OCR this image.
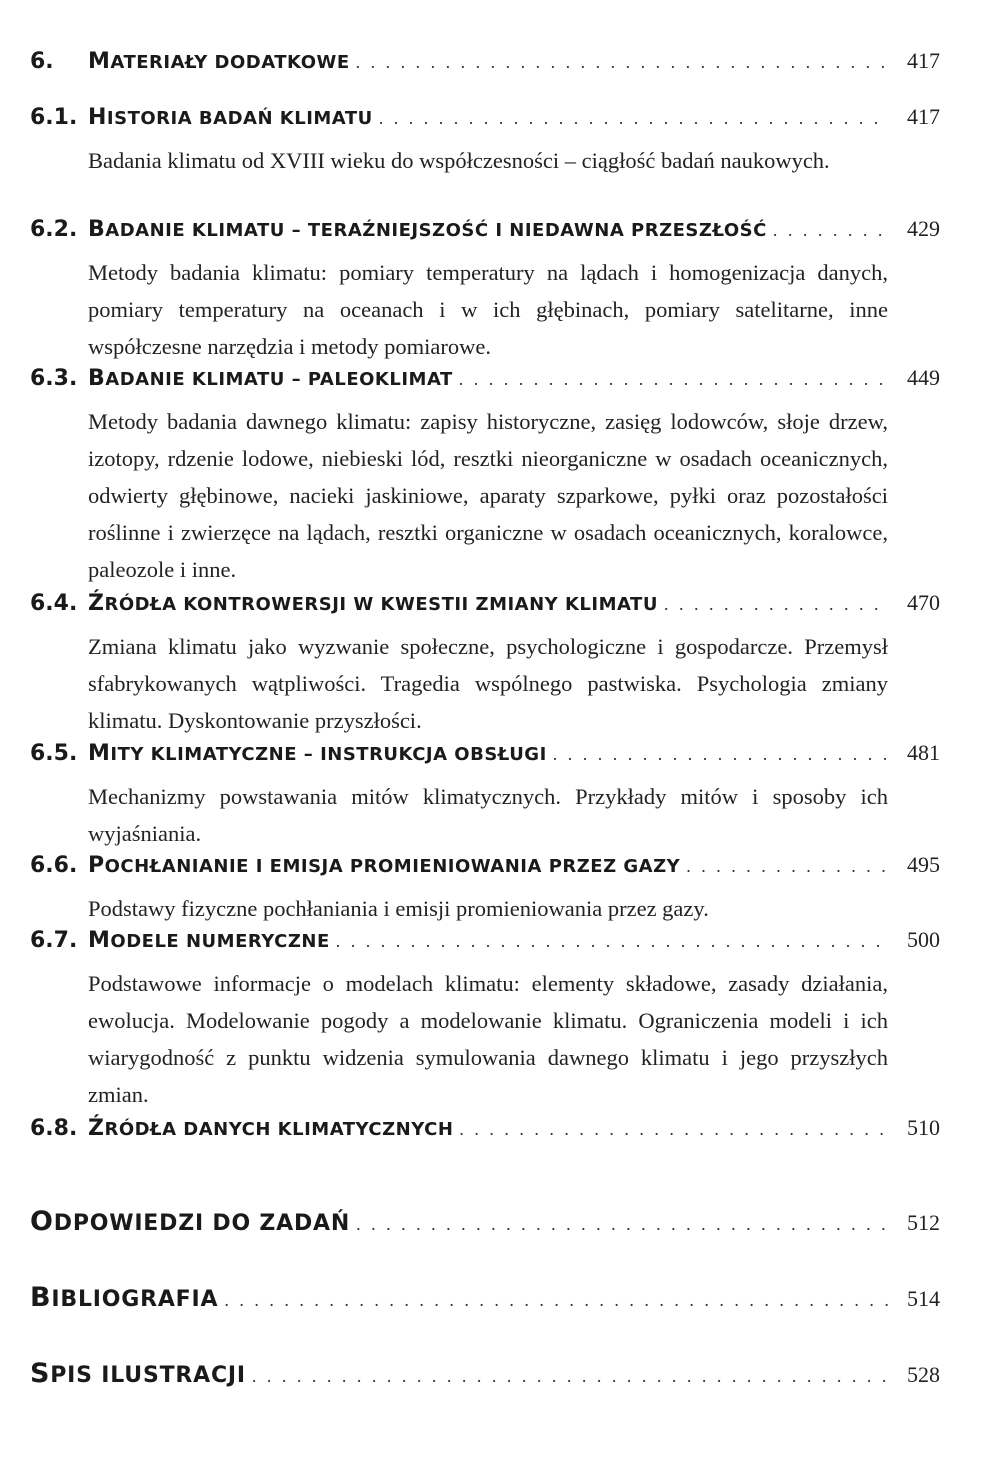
6.	MATERIAŁY DODATKOWE . . .	417
6.1. HISTORIA BADAŃ KLIMATU . . .	417
Badania klimatu od XVIII wieku do współczesności – ciągłość badań naukowych.
6.2. BADANIE KLIMATU – TERAŹNIEJSZOŚĆ I NIEDAWNA PRZESZŁOŚĆ . . .	429
Metody badania klimatu: pomiary temperatury na lądach i homogenizacja danych, pomiary temperatury na oceanach i w ich głębinach, pomiary satelitarne, inne współczesne narzędzia i metody pomiarowe.
6.3. BADANIE KLIMATU – PALEOKLIMAT . . .	449
Metody badania dawnego klimatu: zapisy historyczne, zasięg lodowców, słoje drzew, izotopy, rdzenie lodowe, niebieski lód, resztki nieorganiczne w osadach oceanicznych, odwierty głębinowe, nacieki jaskiniowe, aparaty szparkowe, pyłki oraz pozostałości roślinne i zwierzęce na lądach, resztki organiczne w osadach oceanicznych, koralowce, paleozole i inne.
6.4. ŹRÓDŁA KONTROWERSJI W KWESTII ZMIANY KLIMATU . . .	470
Zmiana klimatu jako wyzwanie społeczne, psychologiczne i gospodarcze. Przemysł sfabrykowanych wątpliwości. Tragedia wspólnego pastwiska. Psychologia zmiany klimatu. Dyskontowanie przyszłości.
6.5. MITY KLIMATYCZNE – INSTRUKCJA OBSŁUGI . . .	481
Mechanizmy powstawania mitów klimatycznych. Przykłady mitów i sposoby ich wyjaśniania.
6.6. POCHŁANIANIE I EMISJA PROMIENIOWANIA PRZEZ GAZY . . .	495
Podstawy fizyczne pochłaniania i emisji promieniowania przez gazy.
6.7. MODELE NUMERYCZNE . . .	500
Podstawowe informacje o modelach klimatu: elementy składowe, zasady działania, ewolucja. Modelowanie pogody a modelowanie klimatu. Ograniczenia modeli i ich wiarygodność z punktu widzenia symulowania dawnego klimatu i jego przyszłych zmian.
6.8. ŹRÓDŁA DANYCH KLIMATYCZNYCH . . .	510
ODPOWIEDZI DO ZADAŃ . . .	512
BIBLIOGRAFIA . . .	514
SPIS ILUSTRACJI . . .	528
